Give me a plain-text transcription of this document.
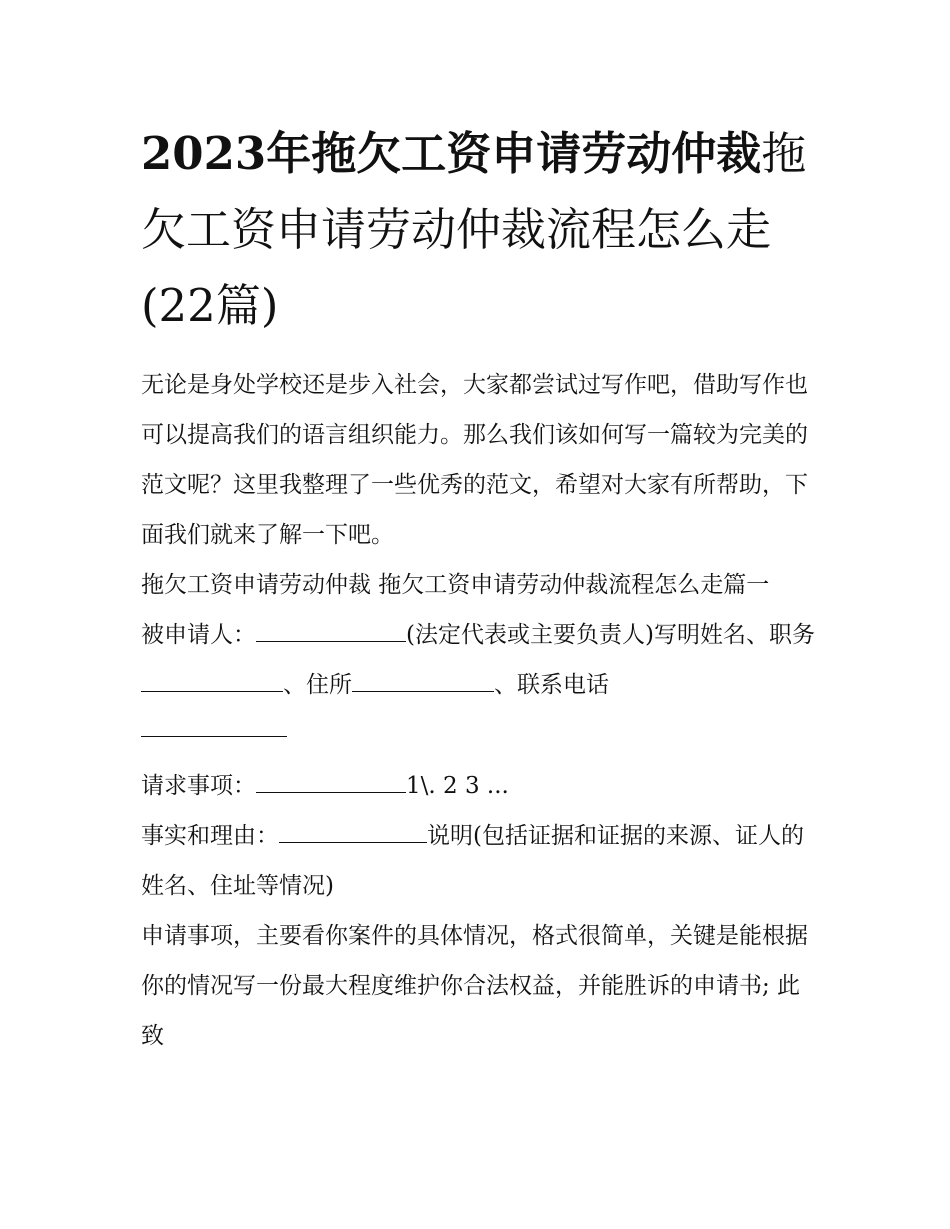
2023年拖欠工资申请劳动仲裁拖欠工资申请劳动仲裁流程怎么走(22篇)

无论是身处学校还是步入社会，大家都尝试过写作吧，借助写作也可以提高我们的语言组织能力。那么我们该如何写一篇较为完美的范文呢？这里我整理了一些优秀的范文，希望对大家有所帮助，下面我们就来了解一下吧。

拖欠工资申请劳动仲裁 拖欠工资申请劳动仲裁流程怎么走篇一

被申请人：	(法定代表或主要负责人)写明姓名、职务、住所	、联系电话

请求事项：	1\. 2 3 ...

事实和理由：	说明(包括证据和证据的来源、证人的姓名、住址等情况)

申请事项，主要看你案件的具体情况，格式很简单，关键是能根据你的情况写一份最大程度维护你合法权益，并能胜诉的申请书; 此致
